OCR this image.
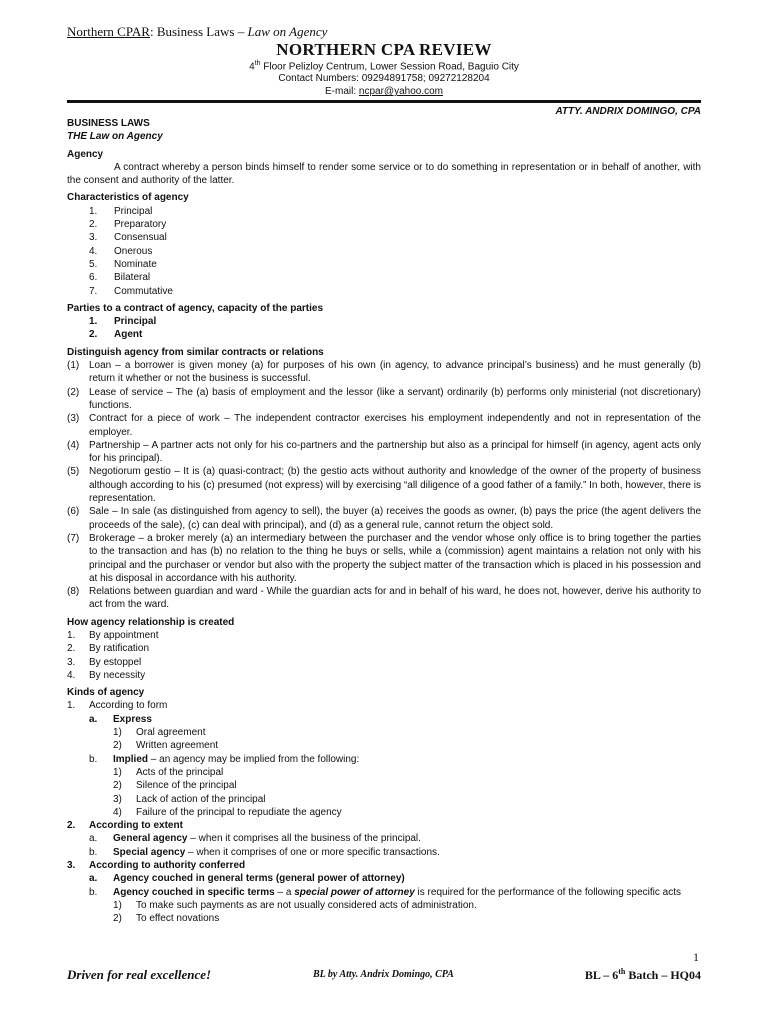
Northern CPAR: Business Laws – Law on Agency
NORTHERN CPA REVIEW
4th Floor Pelizloy Centrum, Lower Session Road, Baguio City
Contact Numbers: 09294891758; 09272128204
E-mail: ncpar@yahoo.com
ATTY. ANDRIX DOMINGO, CPA
BUSINESS LAWS
THE Law on Agency
Agency
A contract whereby a person binds himself to render some service or to do something in representation or in behalf of another, with the consent and authority of the latter.
Characteristics of agency
1. Principal
2. Preparatory
3. Consensual
4. Onerous
5. Nominate
6. Bilateral
7. Commutative
Parties to a contract of agency, capacity of the parties
1. Principal
2. Agent
Distinguish agency from similar contracts or relations
(1) Loan – a borrower is given money (a) for purposes of his own (in agency, to advance principal’s business) and he must generally (b) return it whether or not the business is successful.
(2) Lease of service – The (a) basis of employment and the lessor (like a servant) ordinarily (b) performs only ministerial (not discretionary) functions.
(3) Contract for a piece of work – The independent contractor exercises his employment independently and not in representation of the employer.
(4) Partnership – A partner acts not only for his co-partners and the partnership but also as a principal for himself (in agency, agent acts only for his principal).
(5) Negotiorum gestio – It is (a) quasi-contract; (b) the gestio acts without authority and knowledge of the owner of the property of business although according to his (c) presumed (not express) will by exercising “all diligence of a good father of a family.” In both, however, there is representation.
(6) Sale – In sale (as distinguished from agency to sell), the buyer (a) receives the goods as owner, (b) pays the price (the agent delivers the proceeds of the sale), (c) can deal with principal), and (d) as a general rule, cannot return the object sold.
(7) Brokerage – a broker merely (a) an intermediary between the purchaser and the vendor whose only office is to bring together the parties to the transaction and has (b) no relation to the thing he buys or sells, while a (commission) agent maintains a relation not only with his principal and the purchaser or vendor but also with the property the subject matter of the transaction which is placed in his possession and at his disposal in accordance with his authority.
(8) Relations between guardian and ward - While the guardian acts for and in behalf of his ward, he does not, however, derive his authority to act from the ward.
How agency relationship is created
1. By appointment
2. By ratification
3. By estoppel
4. By necessity
Kinds of agency
1. According to form
a. Express
1) Oral agreement
2) Written agreement
b. Implied – an agency may be implied from the following:
1) Acts of the principal
2) Silence of the principal
3) Lack of action of the principal
4) Failure of the principal to repudiate the agency
2. According to extent
a. General agency – when it comprises all the business of the principal.
b. Special agency – when it comprises of one or more specific transactions.
3. According to authority conferred
a. Agency couched in general terms (general power of attorney)
b. Agency couched in specific terms – a special power of attorney is required for the performance of the following specific acts
1) To make such payments as are not usually considered acts of administration.
2) To effect novations
1
Driven for real excellence!	BL by Atty. Andrix Domingo, CPA	BL – 6th Batch – HQ04
